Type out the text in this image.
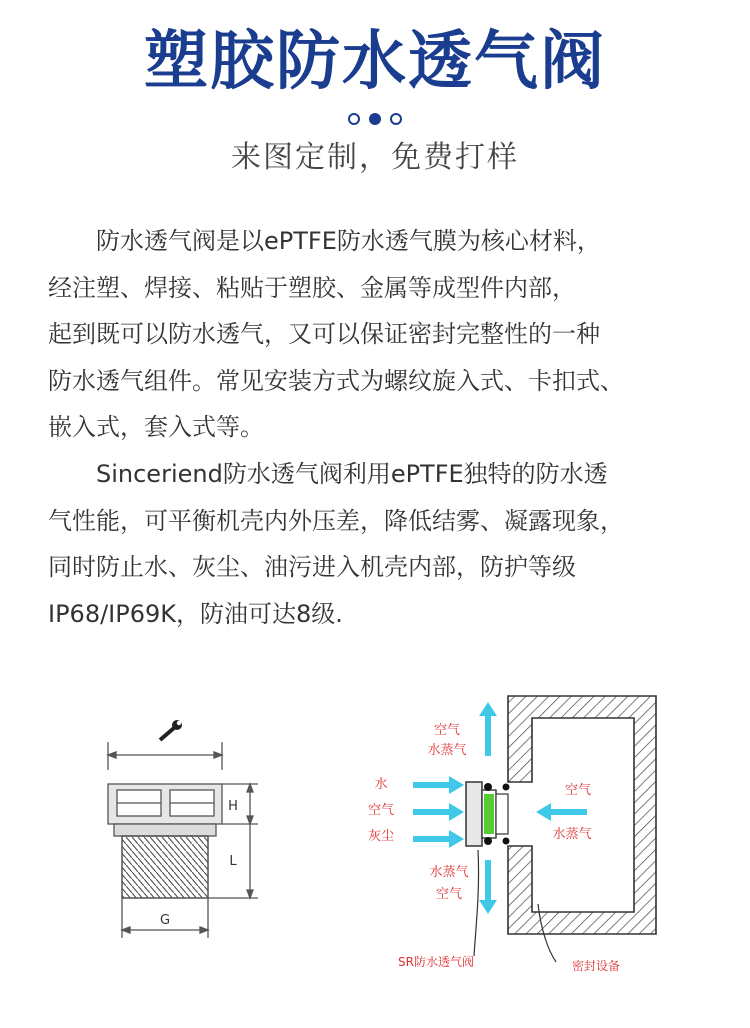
塑胶防水透气阀
来图定制，免费打样

　　防水透气阀是以ePTFE防水透气膜为核心材料，

经注塑、焊接、粘贴于塑胶、金属等成型件内部，

起到既可以防水透气，又可以保证密封完整性的一种

防水透气组件。常见安装方式为螺纹旋入式、卡扣式、

嵌入式，套入式等。

　　Sinceriend防水透气阀利用ePTFE独特的防水透

气性能，可平衡机壳内外压差，降低结雾、凝露现象，

同时防止水、灰尘、油污进入机壳内部，防护等级

IP68/IP69K，防油可达8级.

H
L
G
空气
水蒸气
水
空气
灰尘
水蒸气
空气
空气
水蒸气
SR防水透气阀	密封设备
